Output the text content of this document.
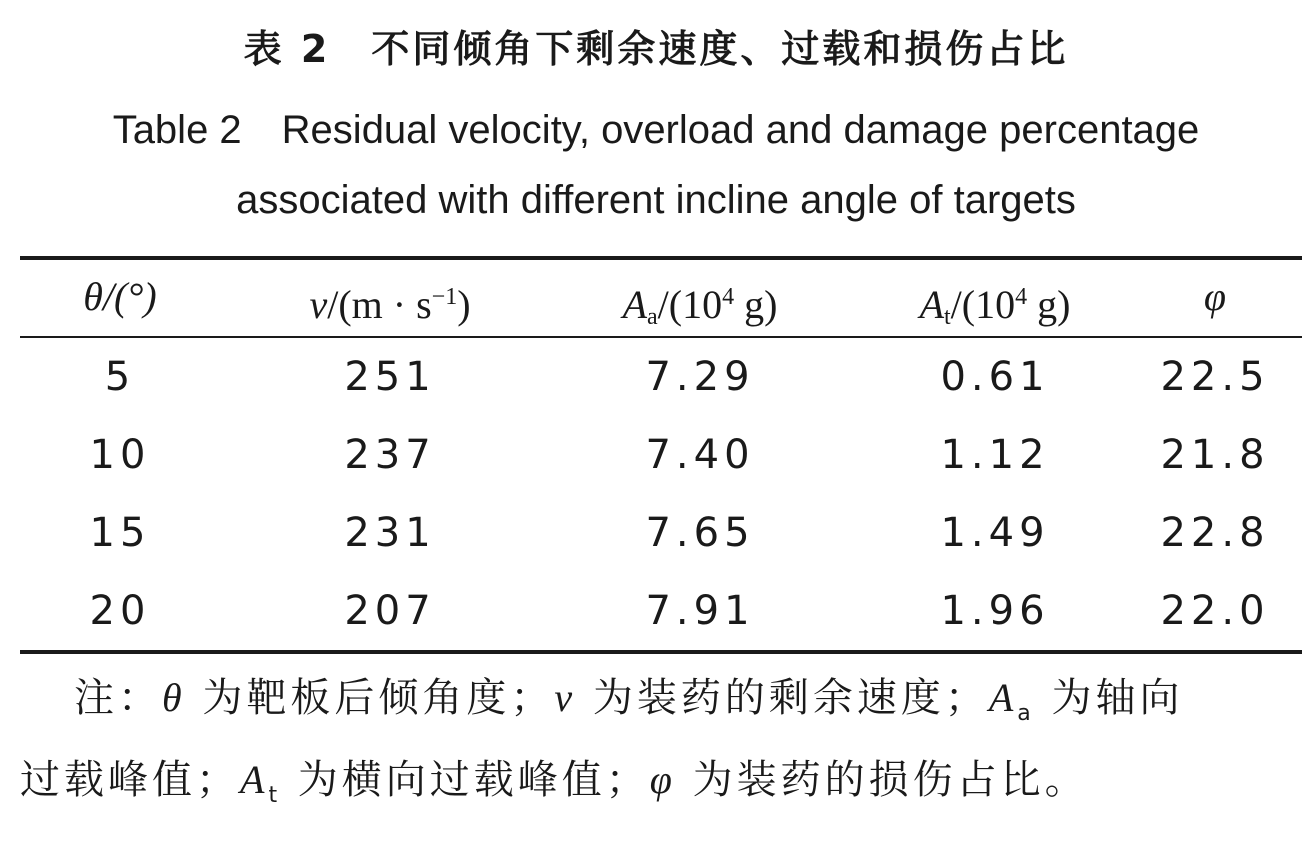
表 2　不同倾角下剩余速度、过载和损伤占比
Table 2　Residual velocity, overload and damage percentage
associated with different incline angle of targets
θ/(°)	$v/(m \cdot s^{-1})$	$A_a/(10^4$ g)	$A_t/(10^4$ g)	φ
5	251	7.29	0.61	22.5
10	237	7.40	1.12	21.8
15	231	7.65	1.49	22.8
20	207	7.91	1.96	22.0
注：θ 为靶板后倾角度；v 为装药的剩余速度；$A_a$ 为轴向
过载峰值；$A_t$ 为横向过载峰值；φ 为装药的损伤占比。
